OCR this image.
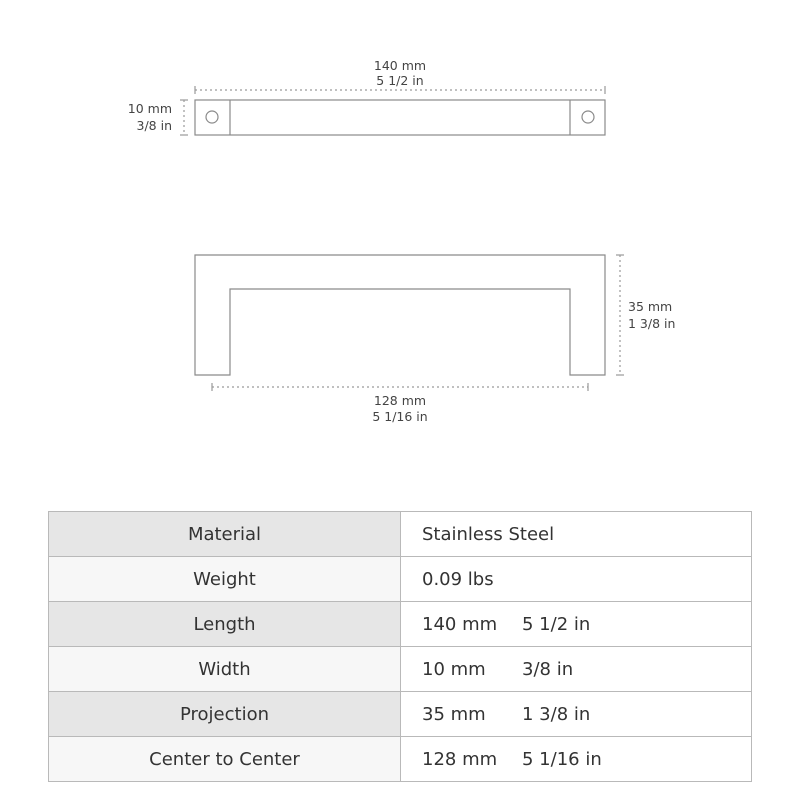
140 mm
5 1/2 in
10 mm
3/8 in
35 mm
1 3/8 in
128 mm
5 1/16 in
Material	Stainless Steel
Weight	0.09 lbs
Length	140 mm 5 1/2 in
Width	10 mm 3/8 in
Projection	35 mm 1 3/8 in
Center to Center	128 mm 5 1/16 in
